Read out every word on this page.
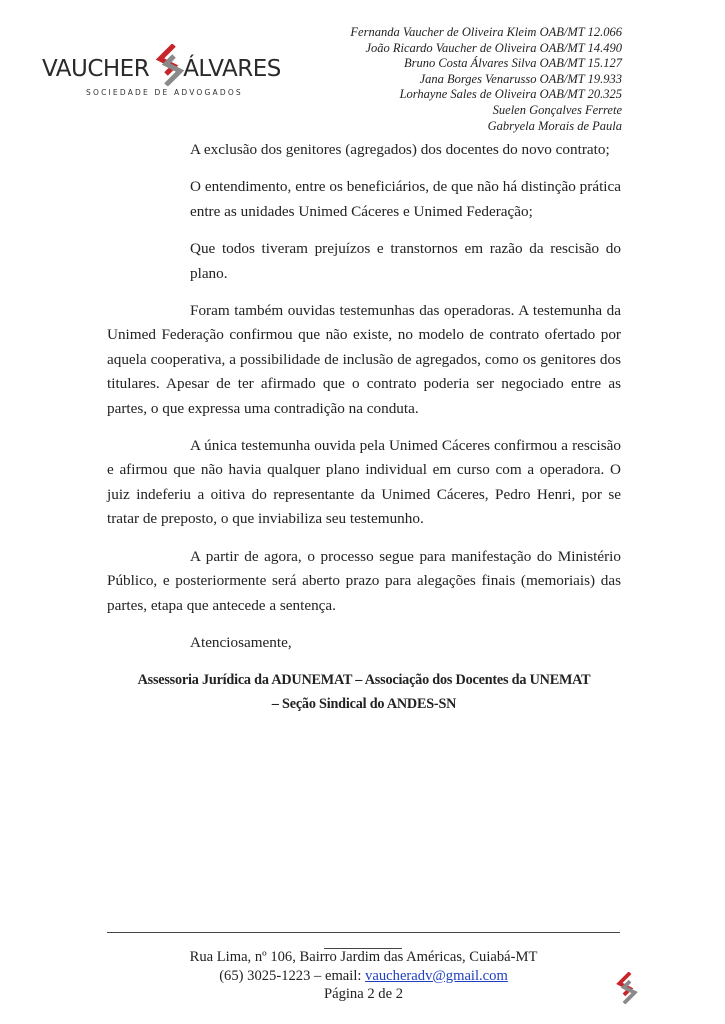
VAUCHER ÁLVARES
SOCIEDADE DE ADVOGADOS
Fernanda Vaucher de Oliveira Kleim OAB/MT 12.066
João Ricardo Vaucher de Oliveira OAB/MT 14.490
Bruno Costa Álvares Silva OAB/MT 15.127
Jana Borges Venarusso OAB/MT 19.933
Lorhayne Sales de Oliveira OAB/MT 20.325
Suelen Gonçalves Ferrete
Gabryela Morais de Paula

A exclusão dos genitores (agregados) dos docentes do novo contrato;

O entendimento, entre os beneficiários, de que não há distinção prática entre as unidades Unimed Cáceres e Unimed Federação;

Que todos tiveram prejuízos e transtornos em razão da rescisão do plano.

Foram também ouvidas testemunhas das operadoras. A testemunha da Unimed Federação confirmou que não existe, no modelo de contrato ofertado por aquela cooperativa, a possibilidade de inclusão de agregados, como os genitores dos titulares. Apesar de ter afirmado que o contrato poderia ser negociado entre as partes, o que expressa uma contradição na conduta.

A única testemunha ouvida pela Unimed Cáceres confirmou a rescisão e afirmou que não havia qualquer plano individual em curso com a operadora. O juiz indeferiu a oitiva do representante da Unimed Cáceres, Pedro Henri, por se tratar de preposto, o que inviabiliza seu testemunho.

A partir de agora, o processo segue para manifestação do Ministério Público, e posteriormente será aberto prazo para alegações finais (memoriais) das partes, etapa que antecede a sentença.

Atenciosamente,

Assessoria Jurídica da ADUNEMAT – Associação dos Docentes da UNEMAT
– Seção Sindical do ANDES-SN
Rua Lima, nº 106, Bairro Jardim das Américas, Cuiabá-MT
(65) 3025-1223 – email: vaucheradv@gmail.com
Página 2 de 2
